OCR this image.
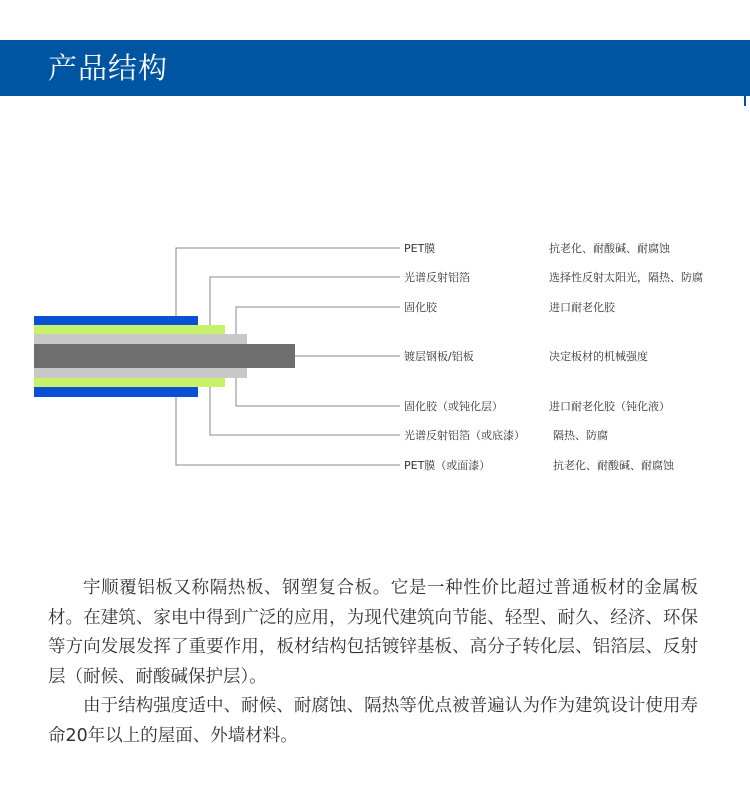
产品结构
PET膜
光谱反射铝箔
固化胶
镀层钢板/铝板
固化胶（或钝化层）
光谱反射铝箔（或底漆）
PET膜（或面漆）
抗老化、耐酸碱、耐腐蚀
选择性反射太阳光，隔热、防腐
进口耐老化胶
决定板材的机械强度
进口耐老化胶（钝化液）
隔热、防腐
抗老化、耐酸碱、耐腐蚀

宇顺覆铝板又称隔热板、钢塑复合板。它是一种性价比超过普通板材的金属板材。在建筑、家电中得到广泛的应用，为现代建筑向节能、轻型、耐久、经济、环保等方向发展发挥了重要作用，板材结构包括镀锌基板、高分子转化层、铝箔层、反射层（耐候、耐酸碱保护层）。

由于结构强度适中、耐候、耐腐蚀、隔热等优点被普遍认为作为建筑设计使用寿命20年以上的屋面、外墙材料。
